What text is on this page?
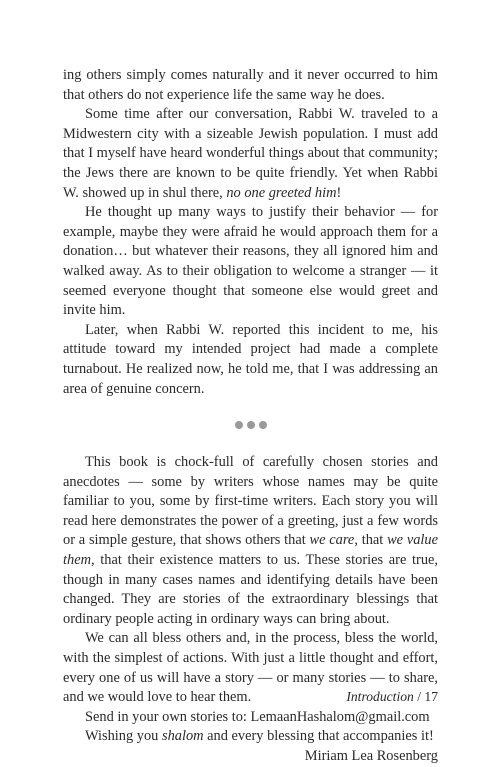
ing others simply comes naturally and it never occurred to him that others do not experience life the same way he does.

Some time after our conversation, Rabbi W. traveled to a Midwestern city with a sizeable Jewish population. I must add that I myself have heard wonderful things about that community; the Jews there are known to be quite friendly. Yet when Rabbi W. showed up in shul there, no one greeted him!

He thought up many ways to justify their behavior — for example, maybe they were afraid he would approach them for a donation… but whatever their reasons, they all ignored him and walked away. As to their obligation to welcome a stranger — it seemed everyone thought that someone else would greet and invite him.

Later, when Rabbi W. reported this incident to me, his attitude toward my intended project had made a complete turnabout. He realized now, he told me, that I was addressing an area of genuine concern.

This book is chock-full of carefully chosen stories and anecdotes — some by writers whose names may be quite familiar to you, some by first-time writers. Each story you will read here demonstrates the power of a greeting, just a few words or a simple gesture, that shows others that we care, that we value them, that their existence matters to us. These stories are true, though in many cases names and identifying details have been changed. They are stories of the extraordinary blessings that ordinary people acting in ordinary ways can bring about.

We can all bless others and, in the process, bless the world, with the simplest of actions. With just a little thought and effort, every one of us will have a story — or many stories — to share, and we would love to hear them.

Send in your own stories to: LemaanHashalom@gmail.com

Wishing you shalom and every blessing that accompanies it!

Miriam Lea Rosenberg

Introduction / 17
